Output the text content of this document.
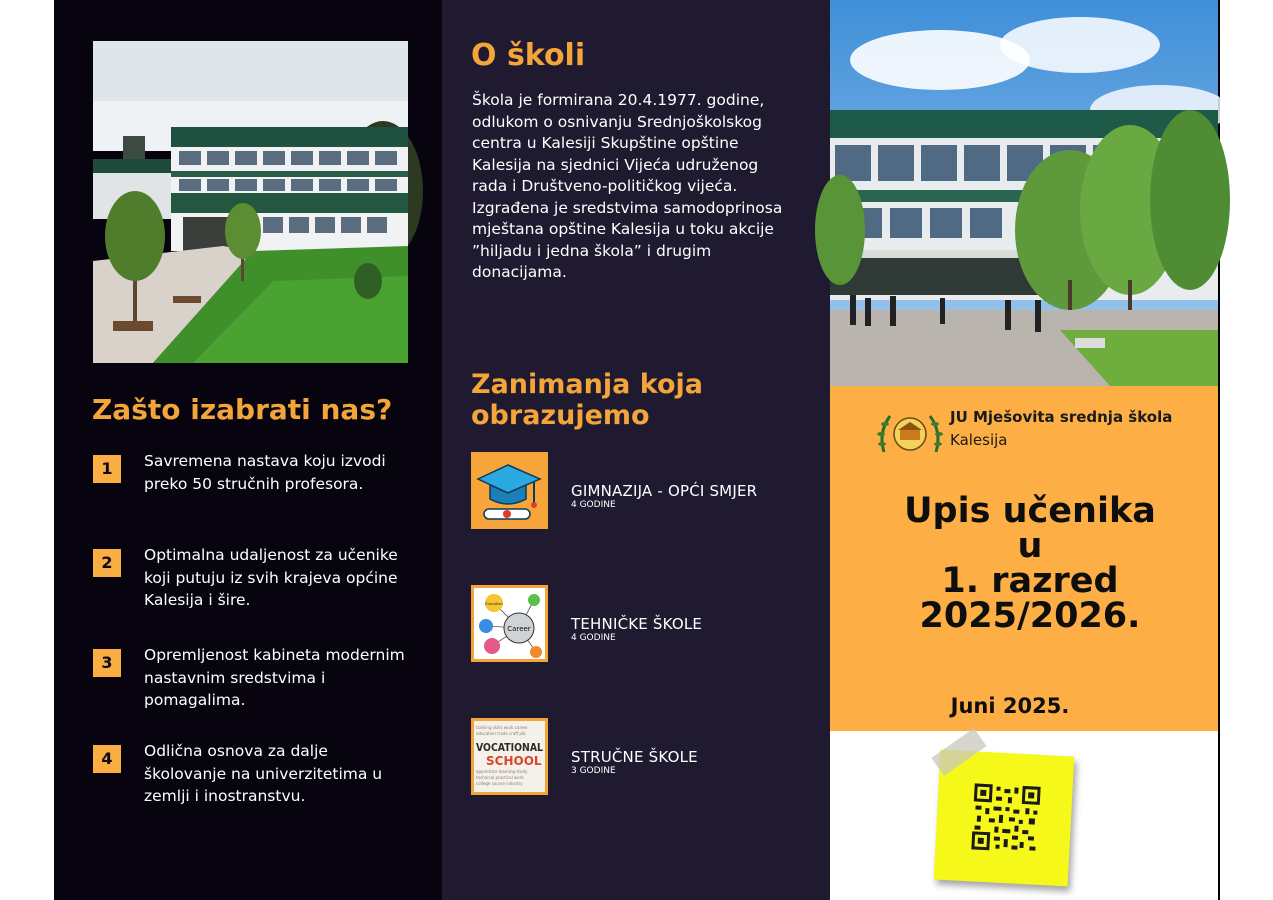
Zašto izabrati nas?
1	Savremena nastava koju izvodi preko 50 stručnih profesora.
2	Optimalna udaljenost za učenike koji putuju iz svih krajeva općine Kalesija i šire.
3	Opremljenost kabineta modernim nastavnim sredstvima i pomagalima.
4	Odlična osnova za dalje školovanje na univerzitetima u zemlji i inostranstvu.
O školi
Škola je formirana 20.4.1977. godine, odlukom o osnivanju Srednjoškolskog centra u Kalesiji Skupštine opštine Kalesija na sjednici Vijeća udruženog rada i Društveno-političkog vijeća. Izgrađena je sredstvima samodoprinosa mještana opštine Kalesija u toku akcije ”hiljadu i jedna škola” i drugim donacijama.
Zanimanja koja obrazujemo
GIMNAZIJA - OPĆI SMJER
4 GODINE
Career
Education
TEHNIČKE ŠKOLE
4 GODINE
training skills work career
education trade craft job
apprentice learning study
technical practical work
college course industry
VOCATIONAL
SCHOOL STRUČNE ŠKOLE
3 GODINE
JU Mješovita srednja škola
Kalesija
Upis učenika
u
1. razred
2025/2026.
Juni 2025.
